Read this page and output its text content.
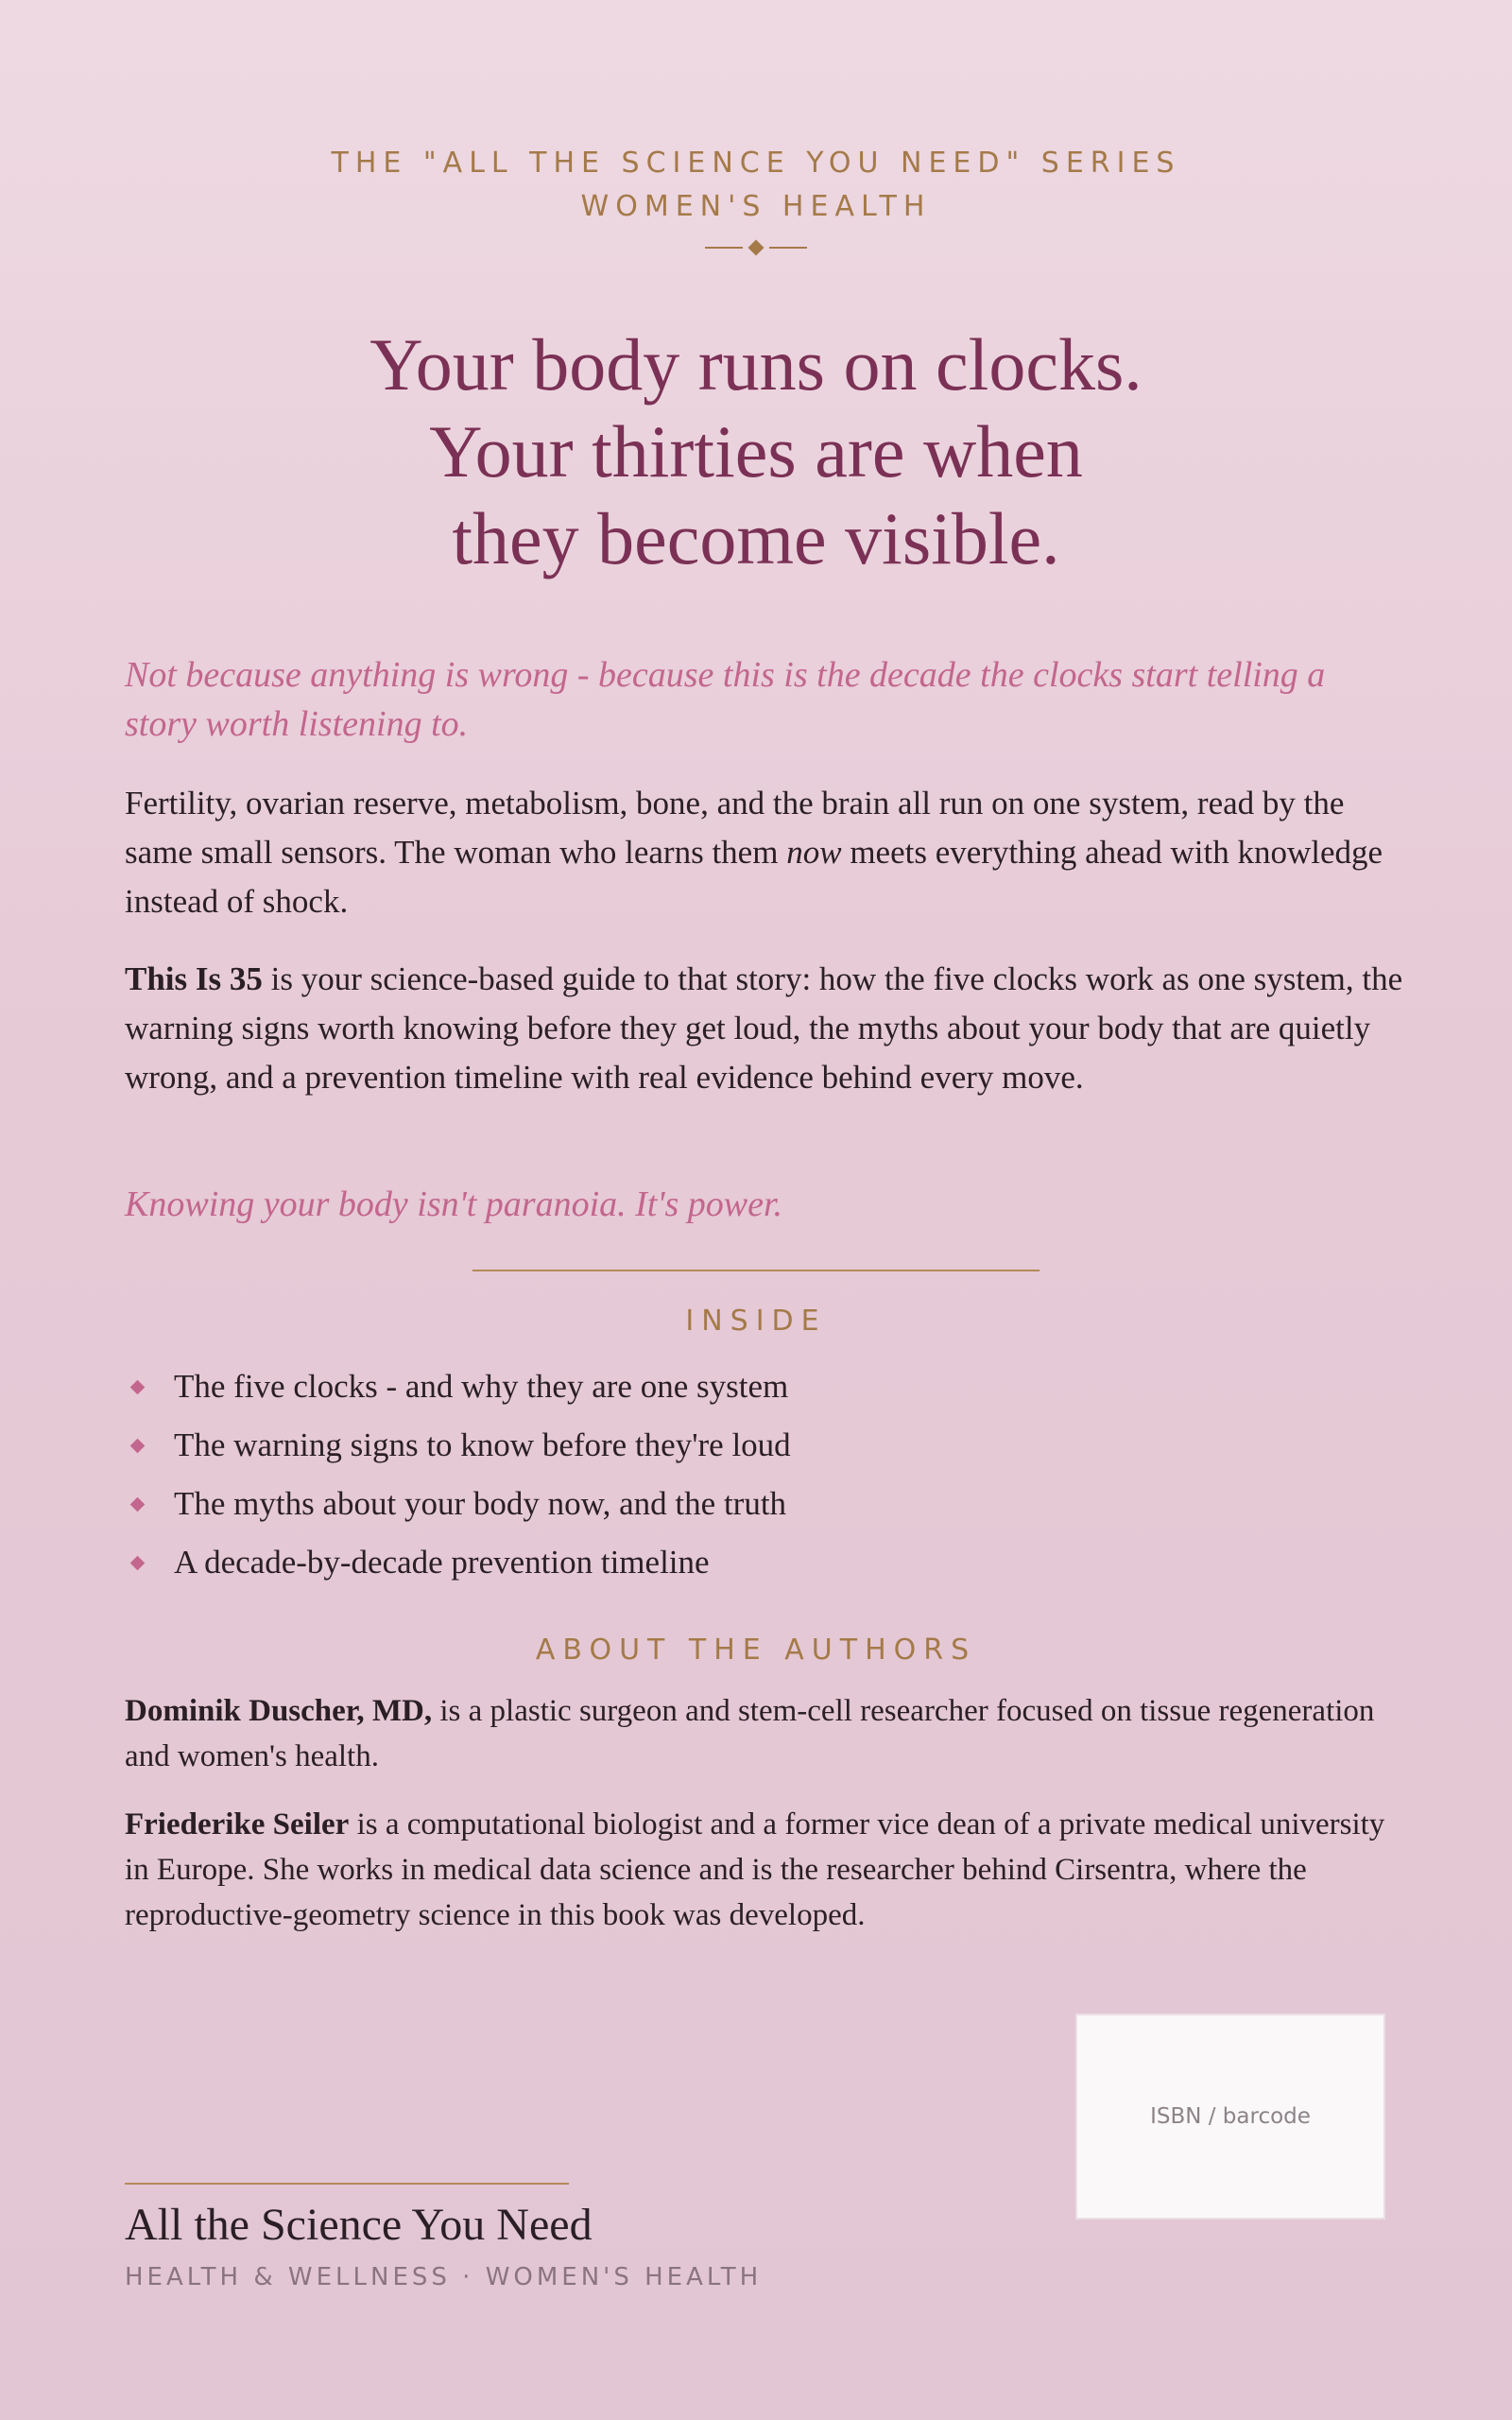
THE "ALL THE SCIENCE YOU NEED" SERIES
WOMEN'S HEALTH
Your body runs on clocks.
Your thirties are when
they become visible.
Not because anything is wrong - because this is the decade the clocks start telling a story worth listening to.
Fertility, ovarian reserve, metabolism, bone, and the brain all run on one system, read by the same small sensors. The woman who learns them now meets everything ahead with knowledge instead of shock.
This Is 35 is your science-based guide to that story: how the five clocks work as one system, the warning signs worth knowing before they get loud, the myths about your body that are quietly wrong, and a prevention timeline with real evidence behind every move.
Knowing your body isn't paranoia. It's power.
INSIDE
The five clocks - and why they are one system
The warning signs to know before they're loud
The myths about your body now, and the truth
A decade-by-decade prevention timeline
ABOUT THE AUTHORS
Dominik Duscher, MD, is a plastic surgeon and stem-cell researcher focused on tissue regeneration and women's health.
Friederike Seiler is a computational biologist and a former vice dean of a private medical university in Europe. She works in medical data science and is the researcher behind Cirsentra, where the reproductive-geometry science in this book was developed.
ISBN / barcode
All the Science You Need
HEALTH & WELLNESS · WOMEN'S HEALTH
